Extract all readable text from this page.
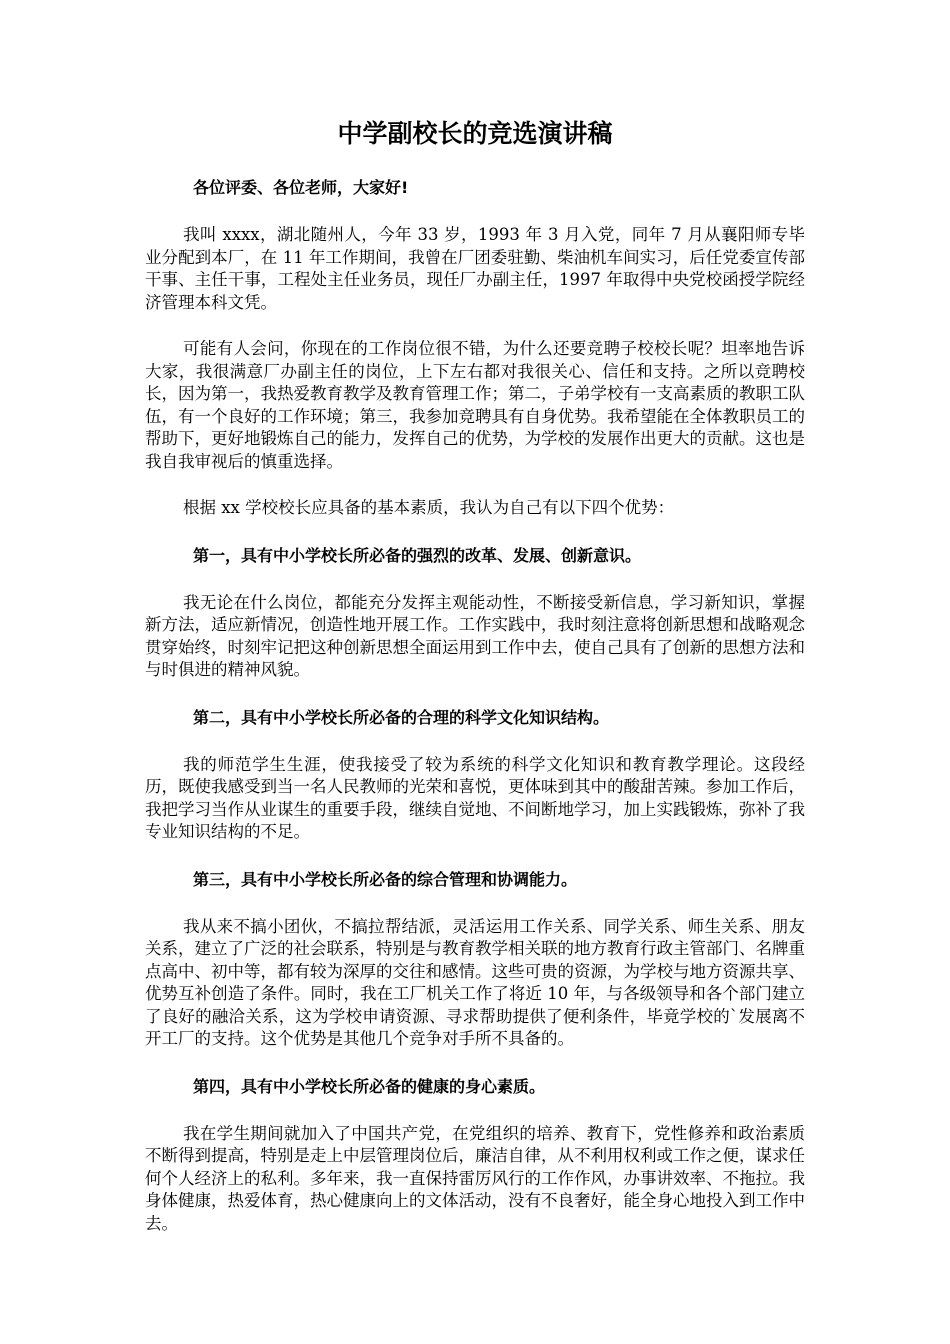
中学副校长的竞选演讲稿
各位评委、各位老师，大家好!

我叫 xxxx，湖北随州人，今年 33 岁，1993 年 3 月入党，同年 7 月从襄阳师专毕业分配到本厂，在 11 年工作期间，我曾在厂团委驻勤、柴油机车间实习，后任党委宣传部干事、主任干事，工程处主任业务员，现任厂办副主任，1997 年取得中央党校函授学院经济管理本科文凭。

可能有人会问，你现在的工作岗位很不错，为什么还要竞聘子校校长呢？坦率地告诉大家，我很满意厂办副主任的岗位，上下左右都对我很关心、信任和支持。之所以竞聘校长，因为第一，我热爱教育教学及教育管理工作；第二，子弟学校有一支高素质的教职工队伍，有一个良好的工作环境；第三，我参加竞聘具有自身优势。我希望能在全体教职员工的帮助下，更好地锻炼自己的能力，发挥自己的优势，为学校的发展作出更大的贡献。这也是我自我审视后的慎重选择。

根据 xx 学校校长应具备的基本素质，我认为自己有以下四个优势：

第一，具有中小学校长所必备的强烈的改革、发展、创新意识。

我无论在什么岗位，都能充分发挥主观能动性，不断接受新信息，学习新知识，掌握新方法，适应新情况，创造性地开展工作。工作实践中，我时刻注意将创新思想和战略观念贯穿始终，时刻牢记把这种创新思想全面运用到工作中去，使自己具有了创新的思想方法和与时俱进的精神风貌。

第二，具有中小学校长所必备的合理的科学文化知识结构。

我的师范学生生涯，使我接受了较为系统的科学文化知识和教育教学理论。这段经历，既使我感受到当一名人民教师的光荣和喜悦，更体味到其中的酸甜苦辣。参加工作后，我把学习当作从业谋生的重要手段，继续自觉地、不间断地学习，加上实践锻炼，弥补了我专业知识结构的不足。

第三，具有中小学校长所必备的综合管理和协调能力。

我从来不搞小团伙，不搞拉帮结派，灵活运用工作关系、同学关系、师生关系、朋友关系，建立了广泛的社会联系，特别是与教育教学相关联的地方教育行政主管部门、名牌重点高中、初中等，都有较为深厚的交往和感情。这些可贵的资源，为学校与地方资源共享、优势互补创造了条件。同时，我在工厂机关工作了将近 10 年，与各级领导和各个部门建立了良好的融洽关系，这为学校申请资源、寻求帮助提供了便利条件，毕竟学校的`发展离不开工厂的支持。这个优势是其他几个竞争对手所不具备的。

第四，具有中小学校长所必备的健康的身心素质。

我在学生期间就加入了中国共产党，在党组织的培养、教育下，党性修养和政治素质不断得到提高，特别是走上中层管理岗位后，廉洁自律，从不利用权利或工作之便，谋求任何个人经济上的私利。多年来，我一直保持雷厉风行的工作作风，办事讲效率、不拖拉。我身体健康，热爱体育，热心健康向上的文体活动，没有不良奢好，能全身心地投入到工作中去。
